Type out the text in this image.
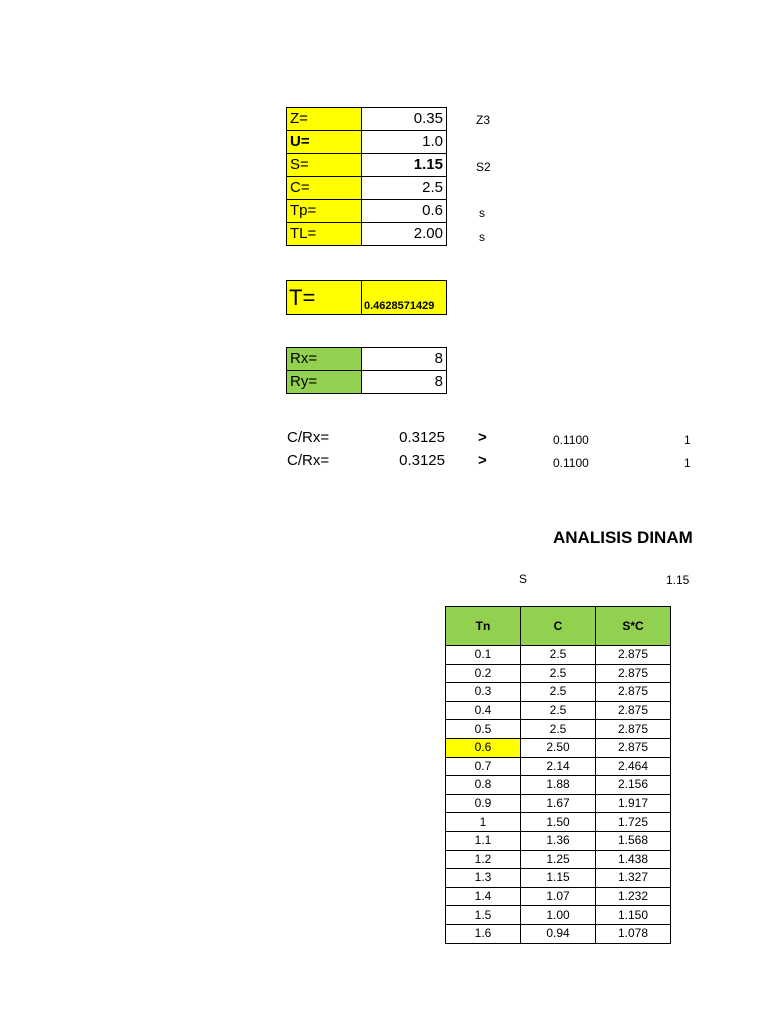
Z=	0.35
U=	1.0
S=	1.15
C=	2.5
Tp=	0.6
TL=	2.00
Z3
S2
s
s
T=	0.4628571429
Rx=	8
Ry=	8
C/Rx=	0.3125 >	0.1100	1
C/Rx=	0.3125 >	0.1100	1
ANALISIS DINAM
S	1.15
Tn	C	S*C
0.1	2.5	2.875
0.2	2.5	2.875
0.3	2.5	2.875
0.4	2.5	2.875
0.5	2.5	2.875
0.6	2.50	2.875
0.7	2.14	2.464
0.8	1.88	2.156
0.9	1.67	1.917
1	1.50	1.725
1.1	1.36	1.568
1.2	1.25	1.438
1.3	1.15	1.327
1.4	1.07	1.232
1.5	1.00	1.150
1.6	0.94	1.078
